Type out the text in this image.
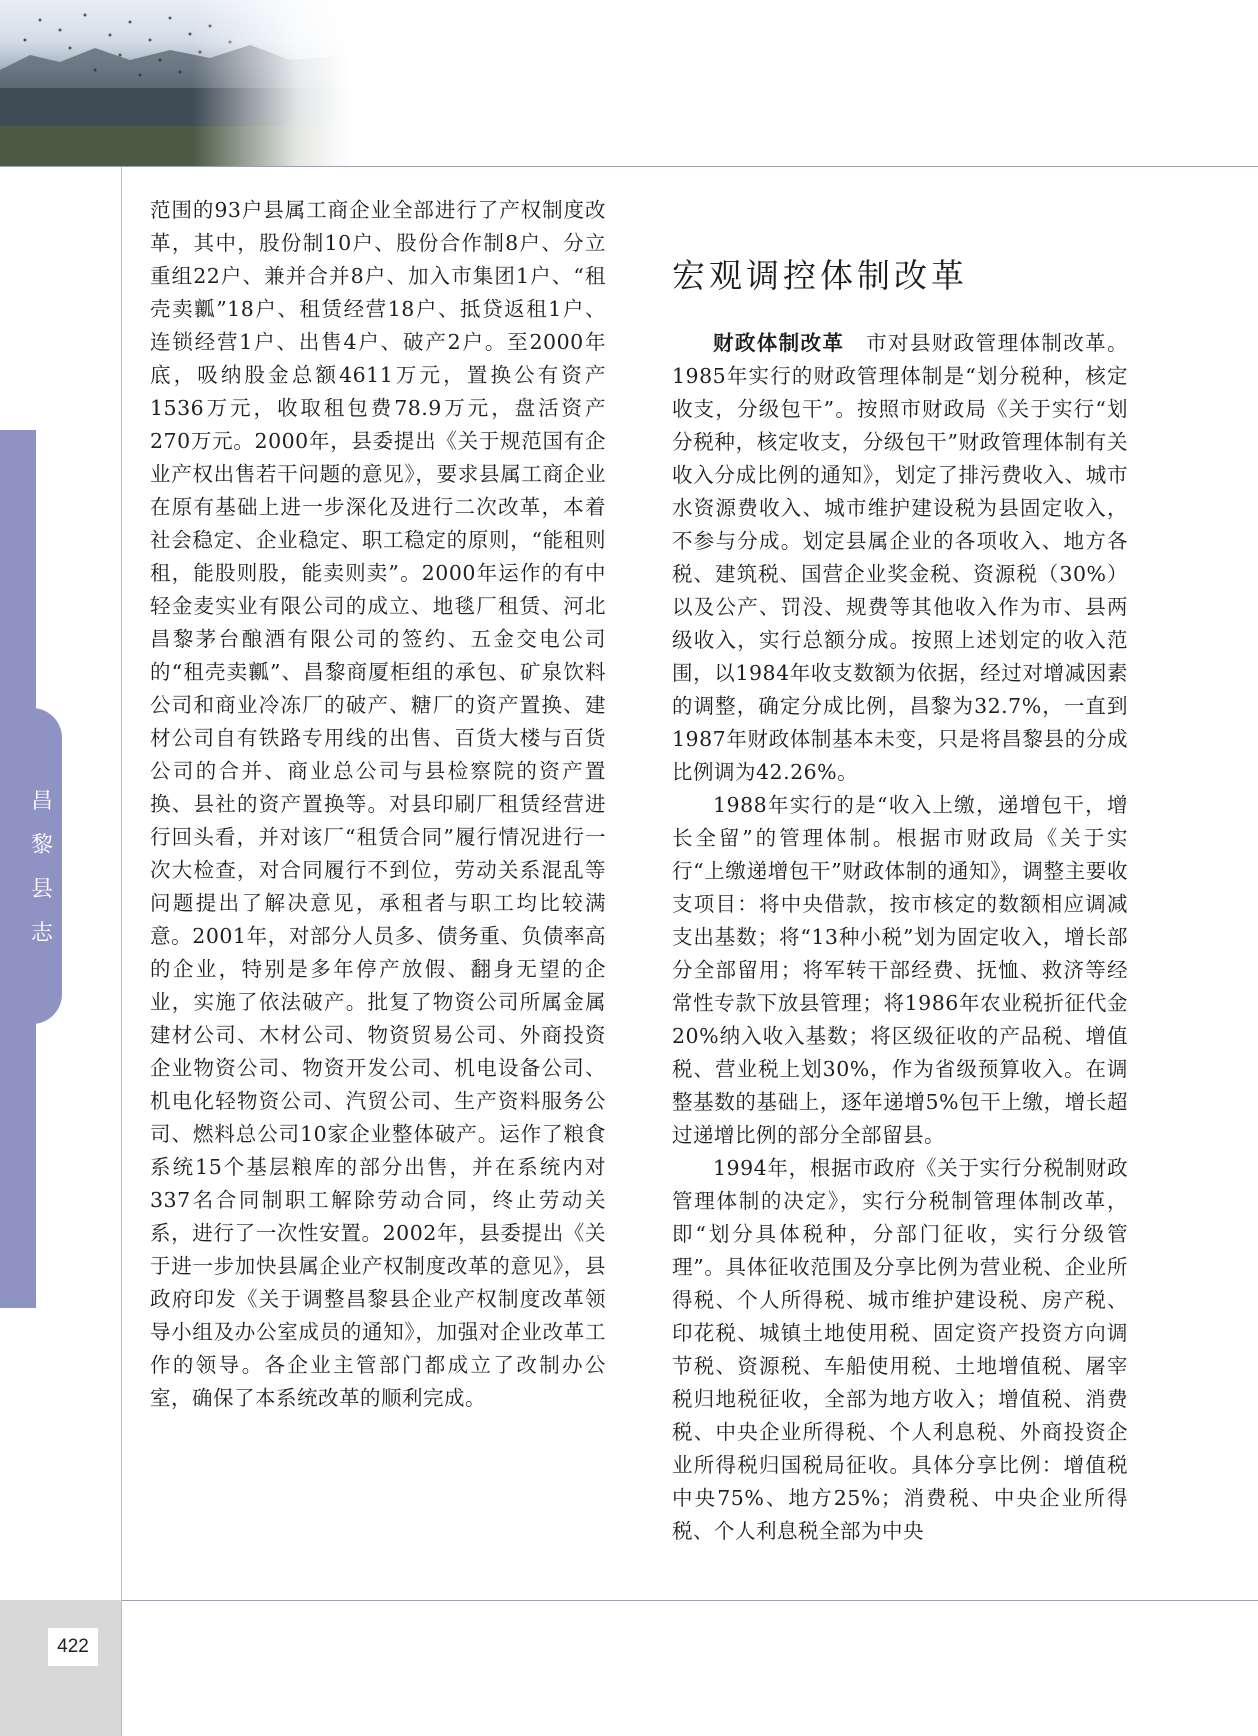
昌
黎
县
志

范围的93户县属工商企业全部进行了产权制度改革，其中，股份制10户、股份合作制8户、分立重组22户、兼并合并8户、加入市集团1户、“租壳卖瓤”18户、租赁经营18户、抵贷返租1户、连锁经营1户、出售4户、破产2户。至2000年底，吸纳股金总额4611万元，置换公有资产1536万元，收取租包费78.9万元，盘活资产270万元。2000年，县委提出《关于规范国有企业产权出售若干问题的意见》，要求县属工商企业在原有基础上进一步深化及进行二次改革，本着社会稳定、企业稳定、职工稳定的原则，“能租则租，能股则股，能卖则卖”。2000年运作的有中轻金麦实业有限公司的成立、地毯厂租赁、河北昌黎茅台酿酒有限公司的签约、五金交电公司的“租壳卖瓤”、昌黎商厦柜组的承包、矿泉饮料公司和商业冷冻厂的破产、糖厂的资产置换、建材公司自有铁路专用线的出售、百货大楼与百货公司的合并、商业总公司与县检察院的资产置换、县社的资产置换等。对县印刷厂租赁经营进行回头看，并对该厂“租赁合同”履行情况进行一次大检查，对合同履行不到位，劳动关系混乱等问题提出了解决意见，承租者与职工均比较满意。2001年，对部分人员多、债务重、负债率高的企业，特别是多年停产放假、翻身无望的企业，实施了依法破产。批复了物资公司所属金属建材公司、木材公司、物资贸易公司、外商投资企业物资公司、物资开发公司、机电设备公司、机电化轻物资公司、汽贸公司、生产资料服务公司、燃料总公司10家企业整体破产。运作了粮食系统15个基层粮库的部分出售，并在系统内对337名合同制职工解除劳动合同，终止劳动关系，进行了一次性安置。2002年，县委提出《关于进一步加快县属企业产权制度改革的意见》，县政府印发《关于调整昌黎县企业产权制度改革领导小组及办公室成员的通知》，加强对企业改革工作的领导。各企业主管部门都成立了改制办公室，确保了本系统改革的顺利完成。

宏观调控体制改革

财政体制改革　市对县财政管理体制改革。1985年实行的财政管理体制是“划分税种，核定收支，分级包干”。按照市财政局《关于实行“划分税种，核定收支，分级包干”财政管理体制有关收入分成比例的通知》，划定了排污费收入、城市水资源费收入、城市维护建设税为县固定收入，不参与分成。划定县属企业的各项收入、地方各税、建筑税、国营企业奖金税、资源税（30%）以及公产、罚没、规费等其他收入作为市、县两级收入，实行总额分成。按照上述划定的收入范围，以1984年收支数额为依据，经过对增减因素的调整，确定分成比例，昌黎为32.7%，一直到1987年财政体制基本未变，只是将昌黎县的分成比例调为42.26%。

1988年实行的是“收入上缴，递增包干，增长全留”的管理体制。根据市财政局《关于实行“上缴递增包干”财政体制的通知》，调整主要收支项目：将中央借款，按市核定的数额相应调减支出基数；将“13种小税”划为固定收入，增长部分全部留用；将军转干部经费、抚恤、救济等经常性专款下放县管理；将1986年农业税折征代金20%纳入收入基数；将区级征收的产品税、增值税、营业税上划30%，作为省级预算收入。在调整基数的基础上，逐年递增5%包干上缴，增长超过递增比例的部分全部留县。

1994年，根据市政府《关于实行分税制财政管理体制的决定》，实行分税制管理体制改革，即“划分具体税种，分部门征收，实行分级管理”。具体征收范围及分享比例为营业税、企业所得税、个人所得税、城市维护建设税、房产税、印花税、城镇土地使用税、固定资产投资方向调节税、资源税、车船使用税、土地增值税、屠宰税归地税征收，全部为地方收入；增值税、消费税、中央企业所得税、个人利息税、外商投资企业所得税归国税局征收。具体分享比例：增值税中央75%、地方25%；消费税、中央企业所得税、个人利息税全部为中央

422
